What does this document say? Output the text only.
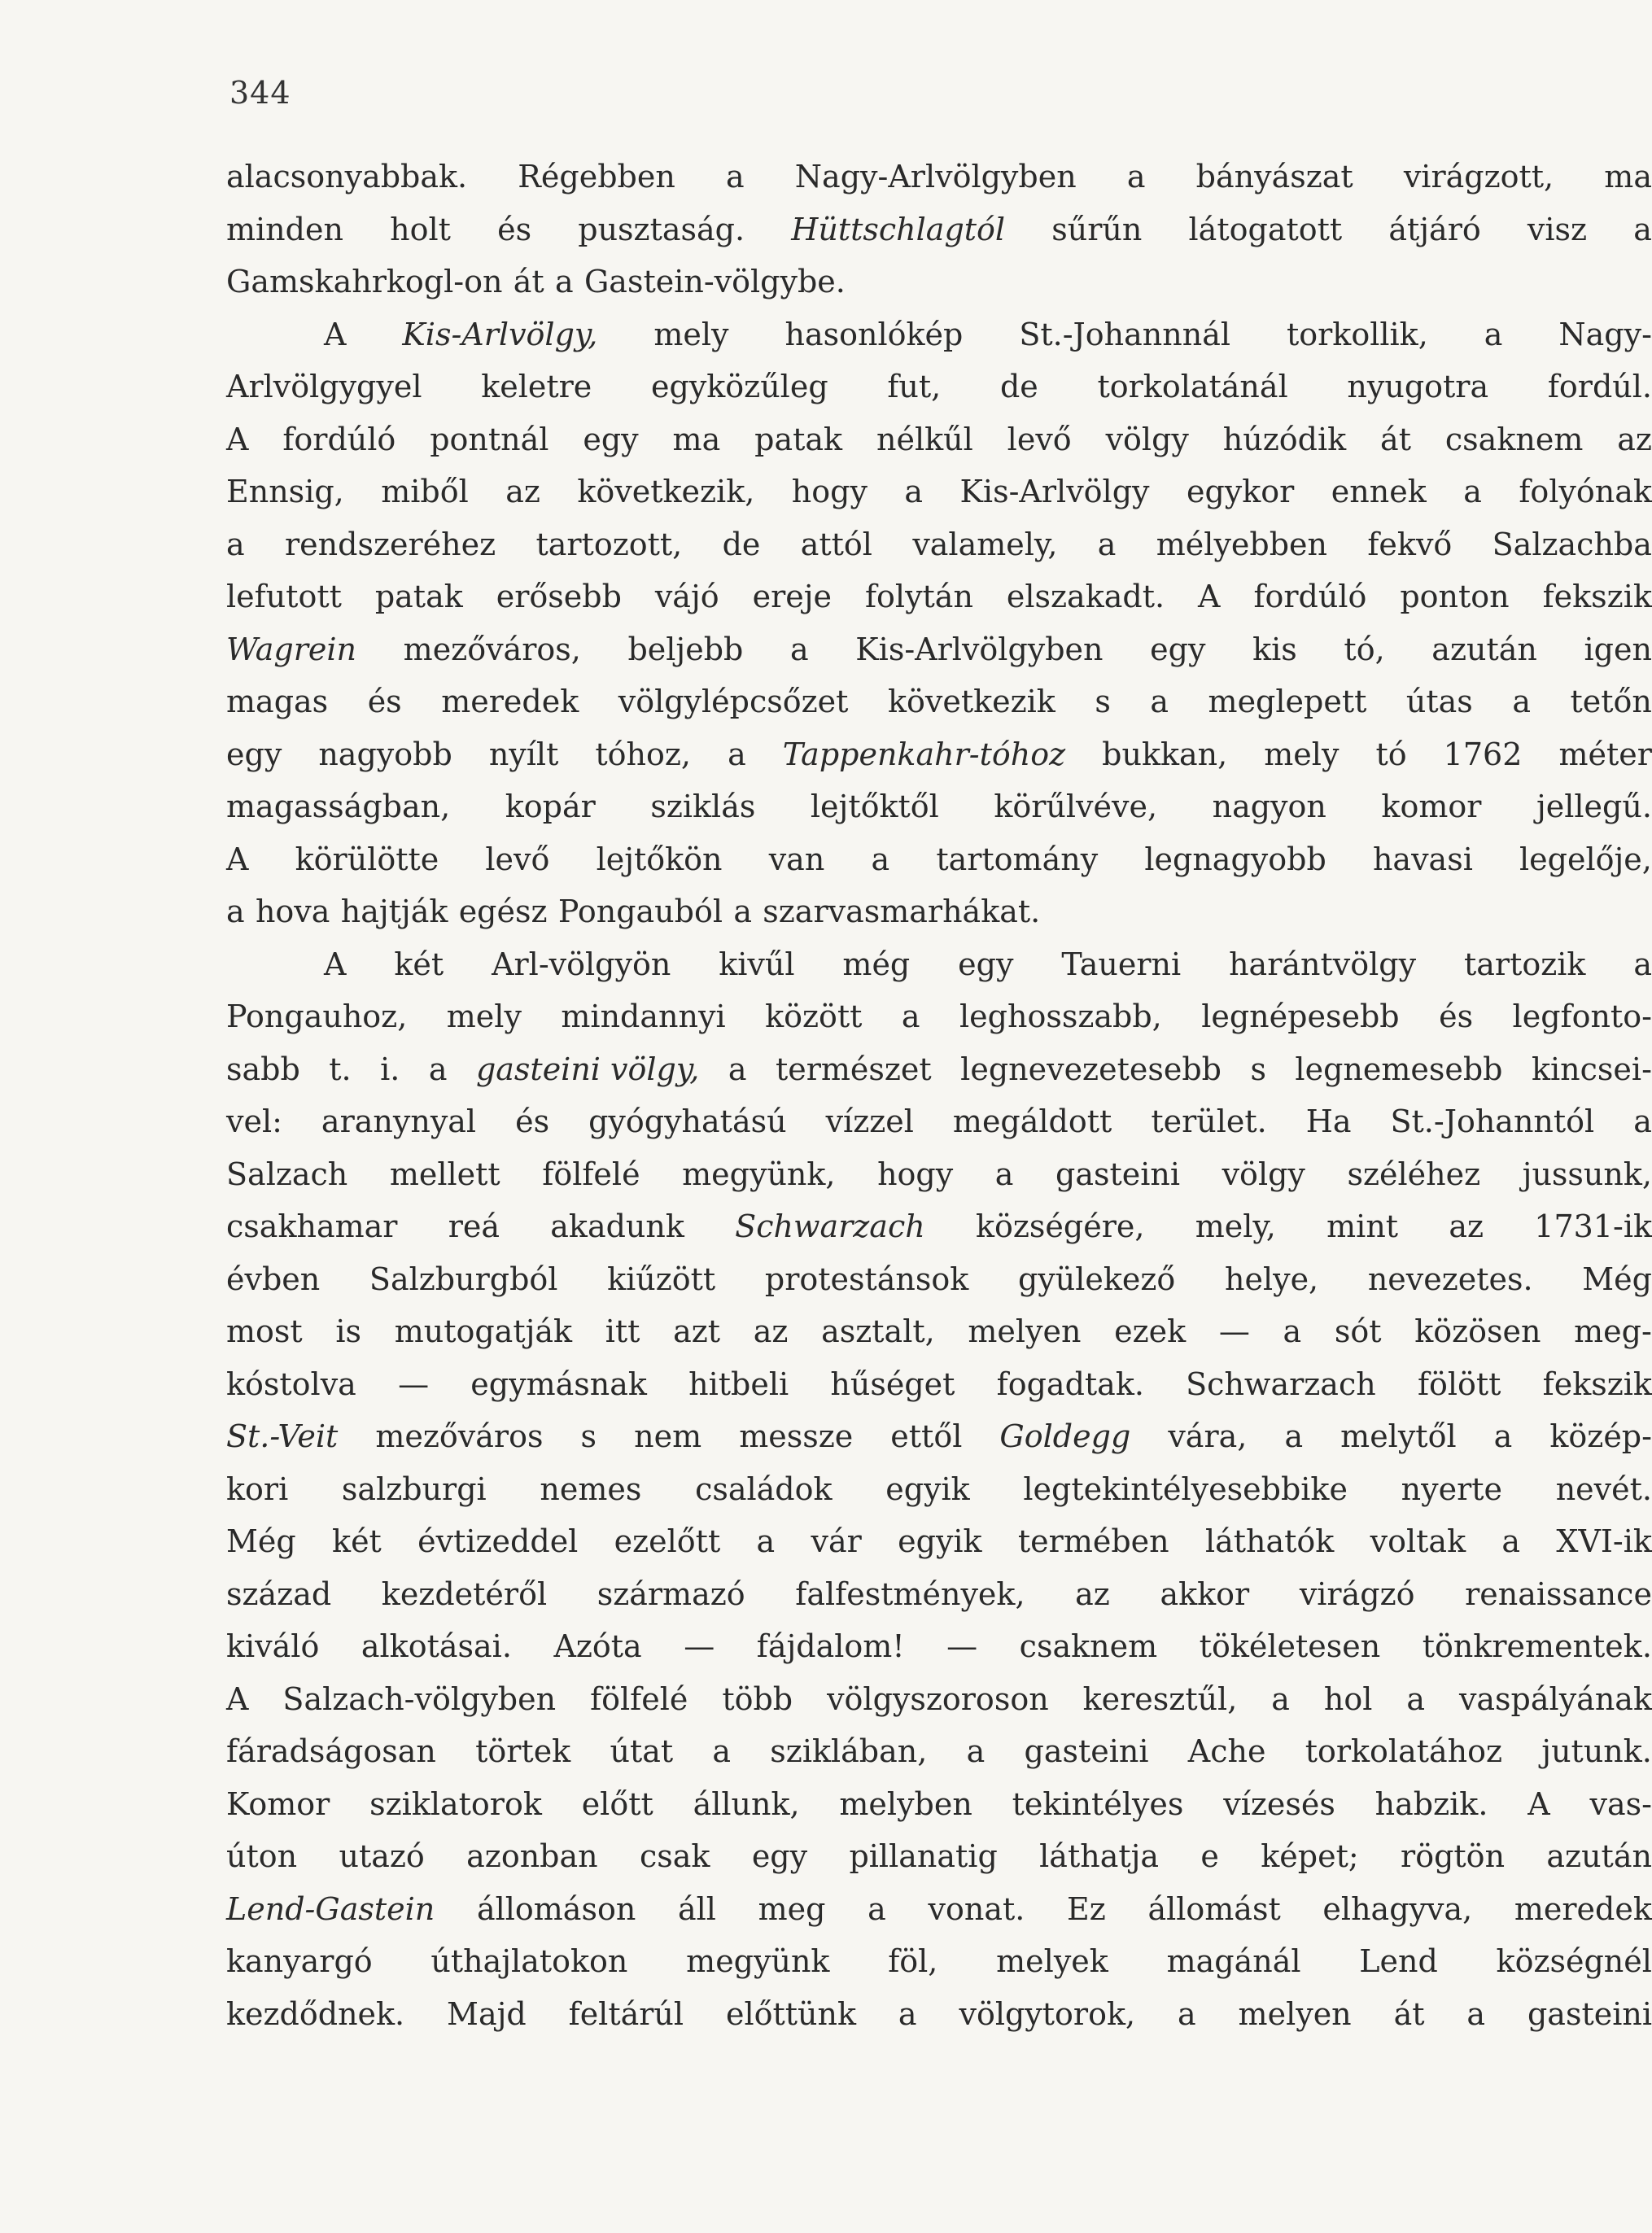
344
alacsonyabbak. Régebben a Nagy-Arlvölgyben a bányászat virágzott, ma
minden holt és pusztaság. Hüttschlagtól sűrűn látogatott átjáró visz a
Gamskahrkogl-on át a Gastein-völgybe.
A Kis-Arlvölgy, mely hasonlókép St.-Johannnál torkollik, a Nagy-
Arlvölgygyel keletre egyközűleg fut, de torkolatánál nyugotra fordúl.
A fordúló pontnál egy ma patak nélkűl levő völgy húzódik át csaknem az
Ennsig, miből az következik, hogy a Kis-Arlvölgy egykor ennek a folyónak
a rendszeréhez tartozott, de attól valamely, a mélyebben fekvő Salzachba
lefutott patak erősebb vájó ereje folytán elszakadt. A fordúló ponton fekszik
Wagrein mezőváros, beljebb a Kis-Arlvölgyben egy kis tó, azután igen
magas és meredek völgylépcsőzet következik s a meglepett útas a tetőn
egy nagyobb nyílt tóhoz, a Tappenkahr-tóhoz bukkan, mely tó 1762 méter
magasságban, kopár sziklás lejtőktől körűlvéve, nagyon komor jellegű.
A körülötte levő lejtőkön van a tartomány legnagyobb havasi legelője,
a hova hajtják egész Pongauból a szarvasmarhákat.
A két Arl-völgyön kivűl még egy Tauerni harántvölgy tartozik a
Pongauhoz, mely mindannyi között a leghosszabb, legnépesebb és legfonto-
sabb t. i. a gasteini völgy, a természet legnevezetesebb s legnemesebb kincsei-
vel: aranynyal és gyógyhatású vízzel megáldott terület. Ha St.-Johanntól a
Salzach mellett fölfelé megyünk, hogy a gasteini völgy széléhez jussunk,
csakhamar reá akadunk Schwarzach községére, mely, mint az 1731-ik
évben Salzburgból kiűzött protestánsok gyülekező helye, nevezetes. Még
most is mutogatják itt azt az asztalt, melyen ezek — a sót közösen meg-
kóstolva — egymásnak hitbeli hűséget fogadtak. Schwarzach fölött fekszik
St.-Veit mezőváros s nem messze ettől Goldegg vára, a melytől a közép-
kori salzburgi nemes családok egyik legtekintélyesebbike nyerte nevét.
Még két évtizeddel ezelőtt a vár egyik termében láthatók voltak a XVI-ik
század kezdetéről származó falfestmények, az akkor virágzó renaissance
kiváló alkotásai. Azóta — fájdalom! — csaknem tökéletesen tönkrementek.
A Salzach-völgyben fölfelé több völgyszoroson keresztűl, a hol a vaspályának
fáradságosan törtek útat a sziklában, a gasteini Ache torkolatához jutunk.
Komor sziklatorok előtt állunk, melyben tekintélyes vízesés habzik. A vas-
úton utazó azonban csak egy pillanatig láthatja e képet; rögtön azután
Lend-Gastein állomáson áll meg a vonat. Ez állomást elhagyva, meredek
kanyargó úthajlatokon megyünk föl, melyek magánál Lend községnél
kezdődnek. Majd feltárúl előttünk a völgytorok, a melyen át a gasteini
